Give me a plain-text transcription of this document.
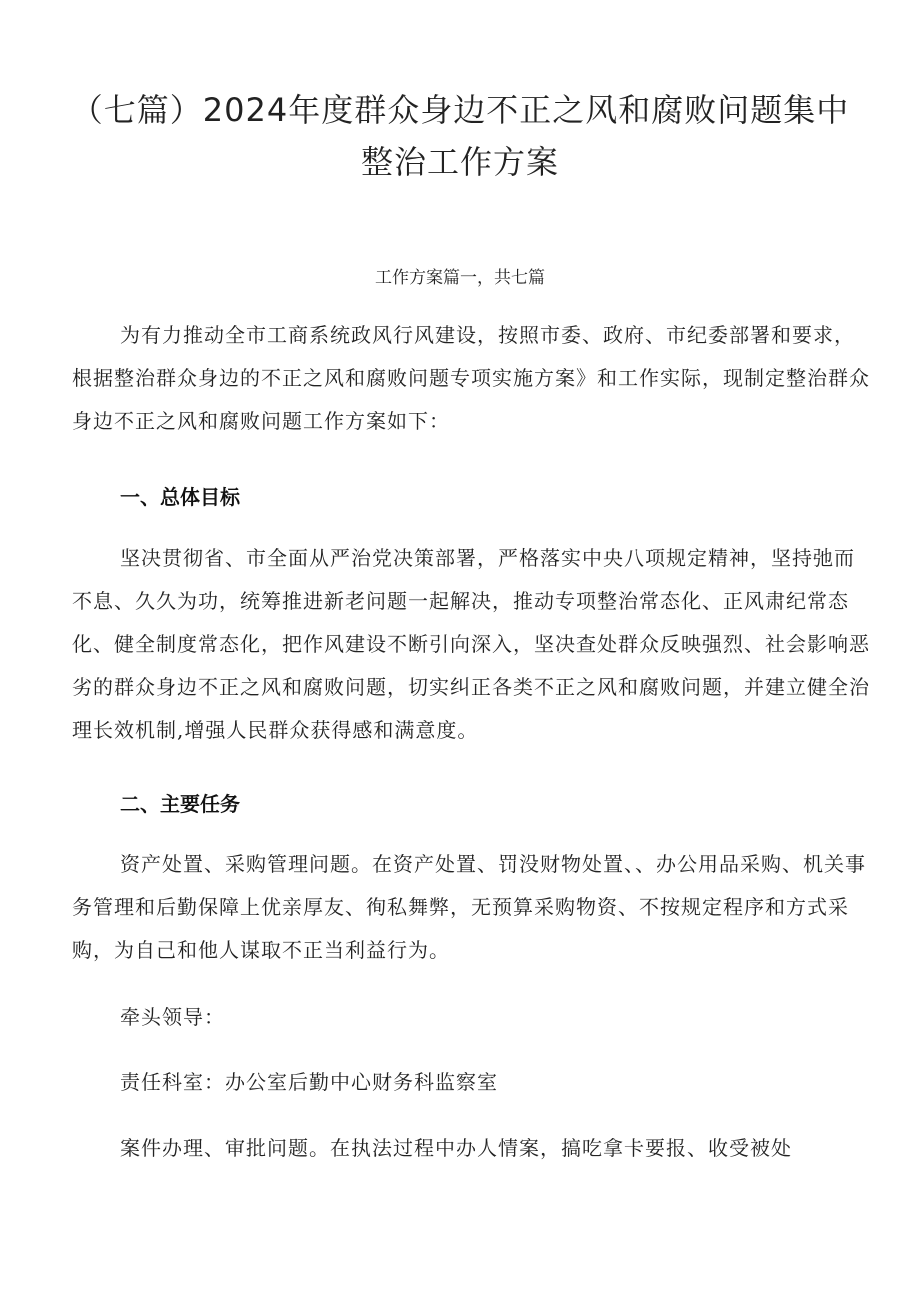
（七篇）2024年度群众身边不正之风和腐败问题集中整治工作方案
工作方案篇一，共七篇

为有力推动全市工商系统政风行风建设，按照市委、政府、市纪委部署和要求，根据整治群众身边的不正之风和腐败问题专项实施方案》和工作实际，现制定整治群众身边不正之风和腐败问题工作方案如下：

一、总体目标

坚决贯彻省、市全面从严治党决策部署，严格落实中央八项规定精神，坚持弛而不息、久久为功，统筹推进新老问题一起解决，推动专项整治常态化、正风肃纪常态化、健全制度常态化，把作风建设不断引向深入，坚决查处群众反映强烈、社会影响恶劣的群众身边不正之风和腐败问题，切实纠正各类不正之风和腐败问题，并建立健全治理长效机制,增强人民群众获得感和满意度。

二、主要任务

资产处置、采购管理问题。在资产处置、罚没财物处置、、办公用品采购、机关事务管理和后勤保障上优亲厚友、徇私舞弊，无预算采购物资、不按规定程序和方式采购，为自己和他人谋取不正当利益行为。

牵头领导：

责任科室：办公室后勤中心财务科监察室

案件办理、审批问题。在执法过程中办人情案，搞吃拿卡要报、收受被处
